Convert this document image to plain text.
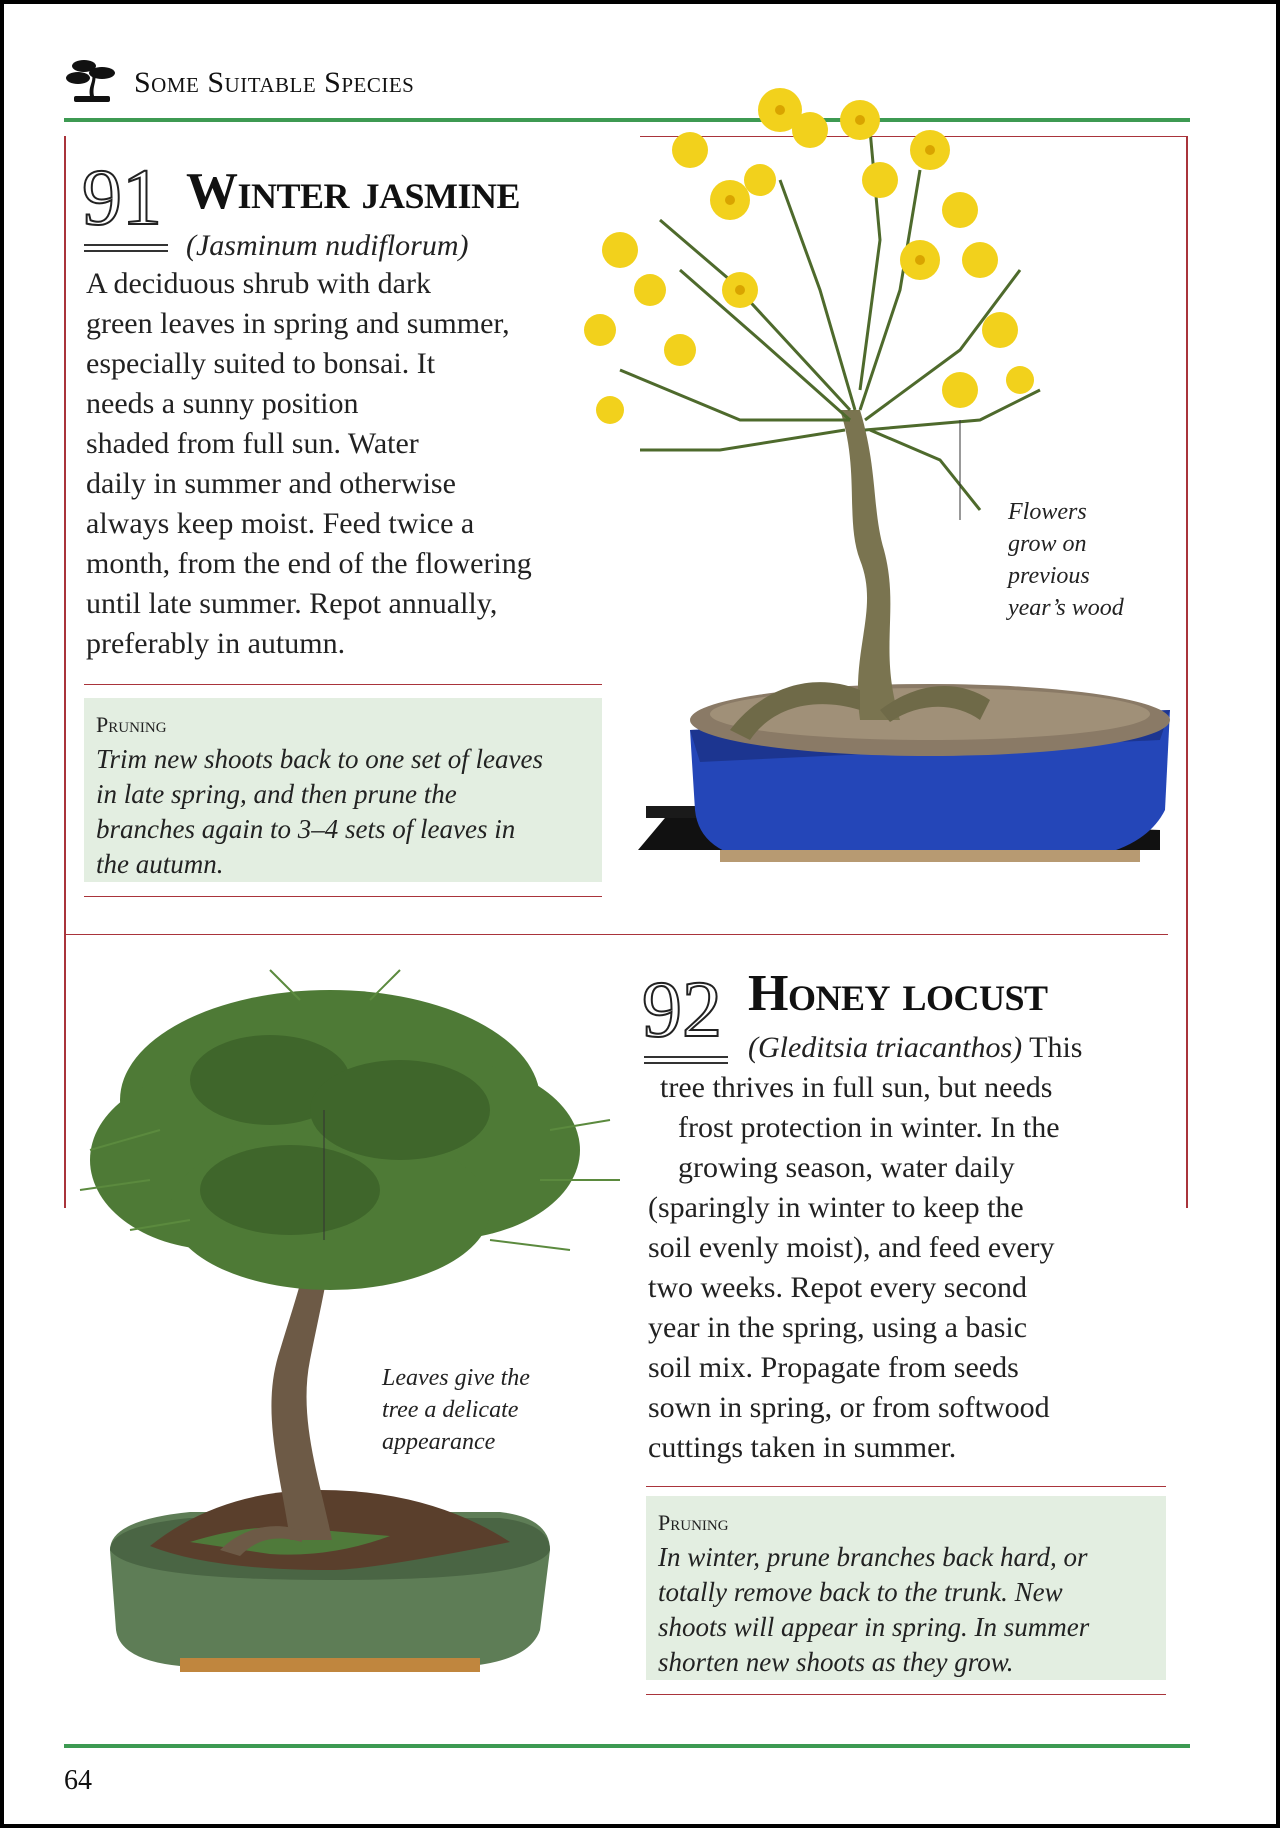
Some Suitable Species
91 Winter jasmine
(Jasminum nudiflorum)
A deciduous shrub with dark
green leaves in spring and summer,
especially suited to bonsai. It
needs a sunny position
shaded from full sun. Water
daily in summer and otherwise
always keep moist. Feed twice a
month, from the end of the flowering
until late summer. Repot annually,
preferably in autumn.
Pruning
Trim new shoots back to one set of leaves
in late spring, and then prune the
branches again to 3–4 sets of leaves in
the autumn.
Flowers
grow on
previous
year’s wood
92 Honey locust
(Gleditsia triacanthos) This
tree thrives in full sun, but needs
frost protection in winter. In the
growing season, water daily
(sparingly in winter to keep the
soil evenly moist), and feed every
two weeks. Repot every second
year in the spring, using a basic
soil mix. Propagate from seeds
sown in spring, or from softwood
cuttings taken in summer.
Pruning
In winter, prune branches back hard, or
totally remove back to the trunk. New
shoots will appear in spring. In summer
shorten new shoots as they grow.
Leaves give the
tree a delicate
appearance
64
